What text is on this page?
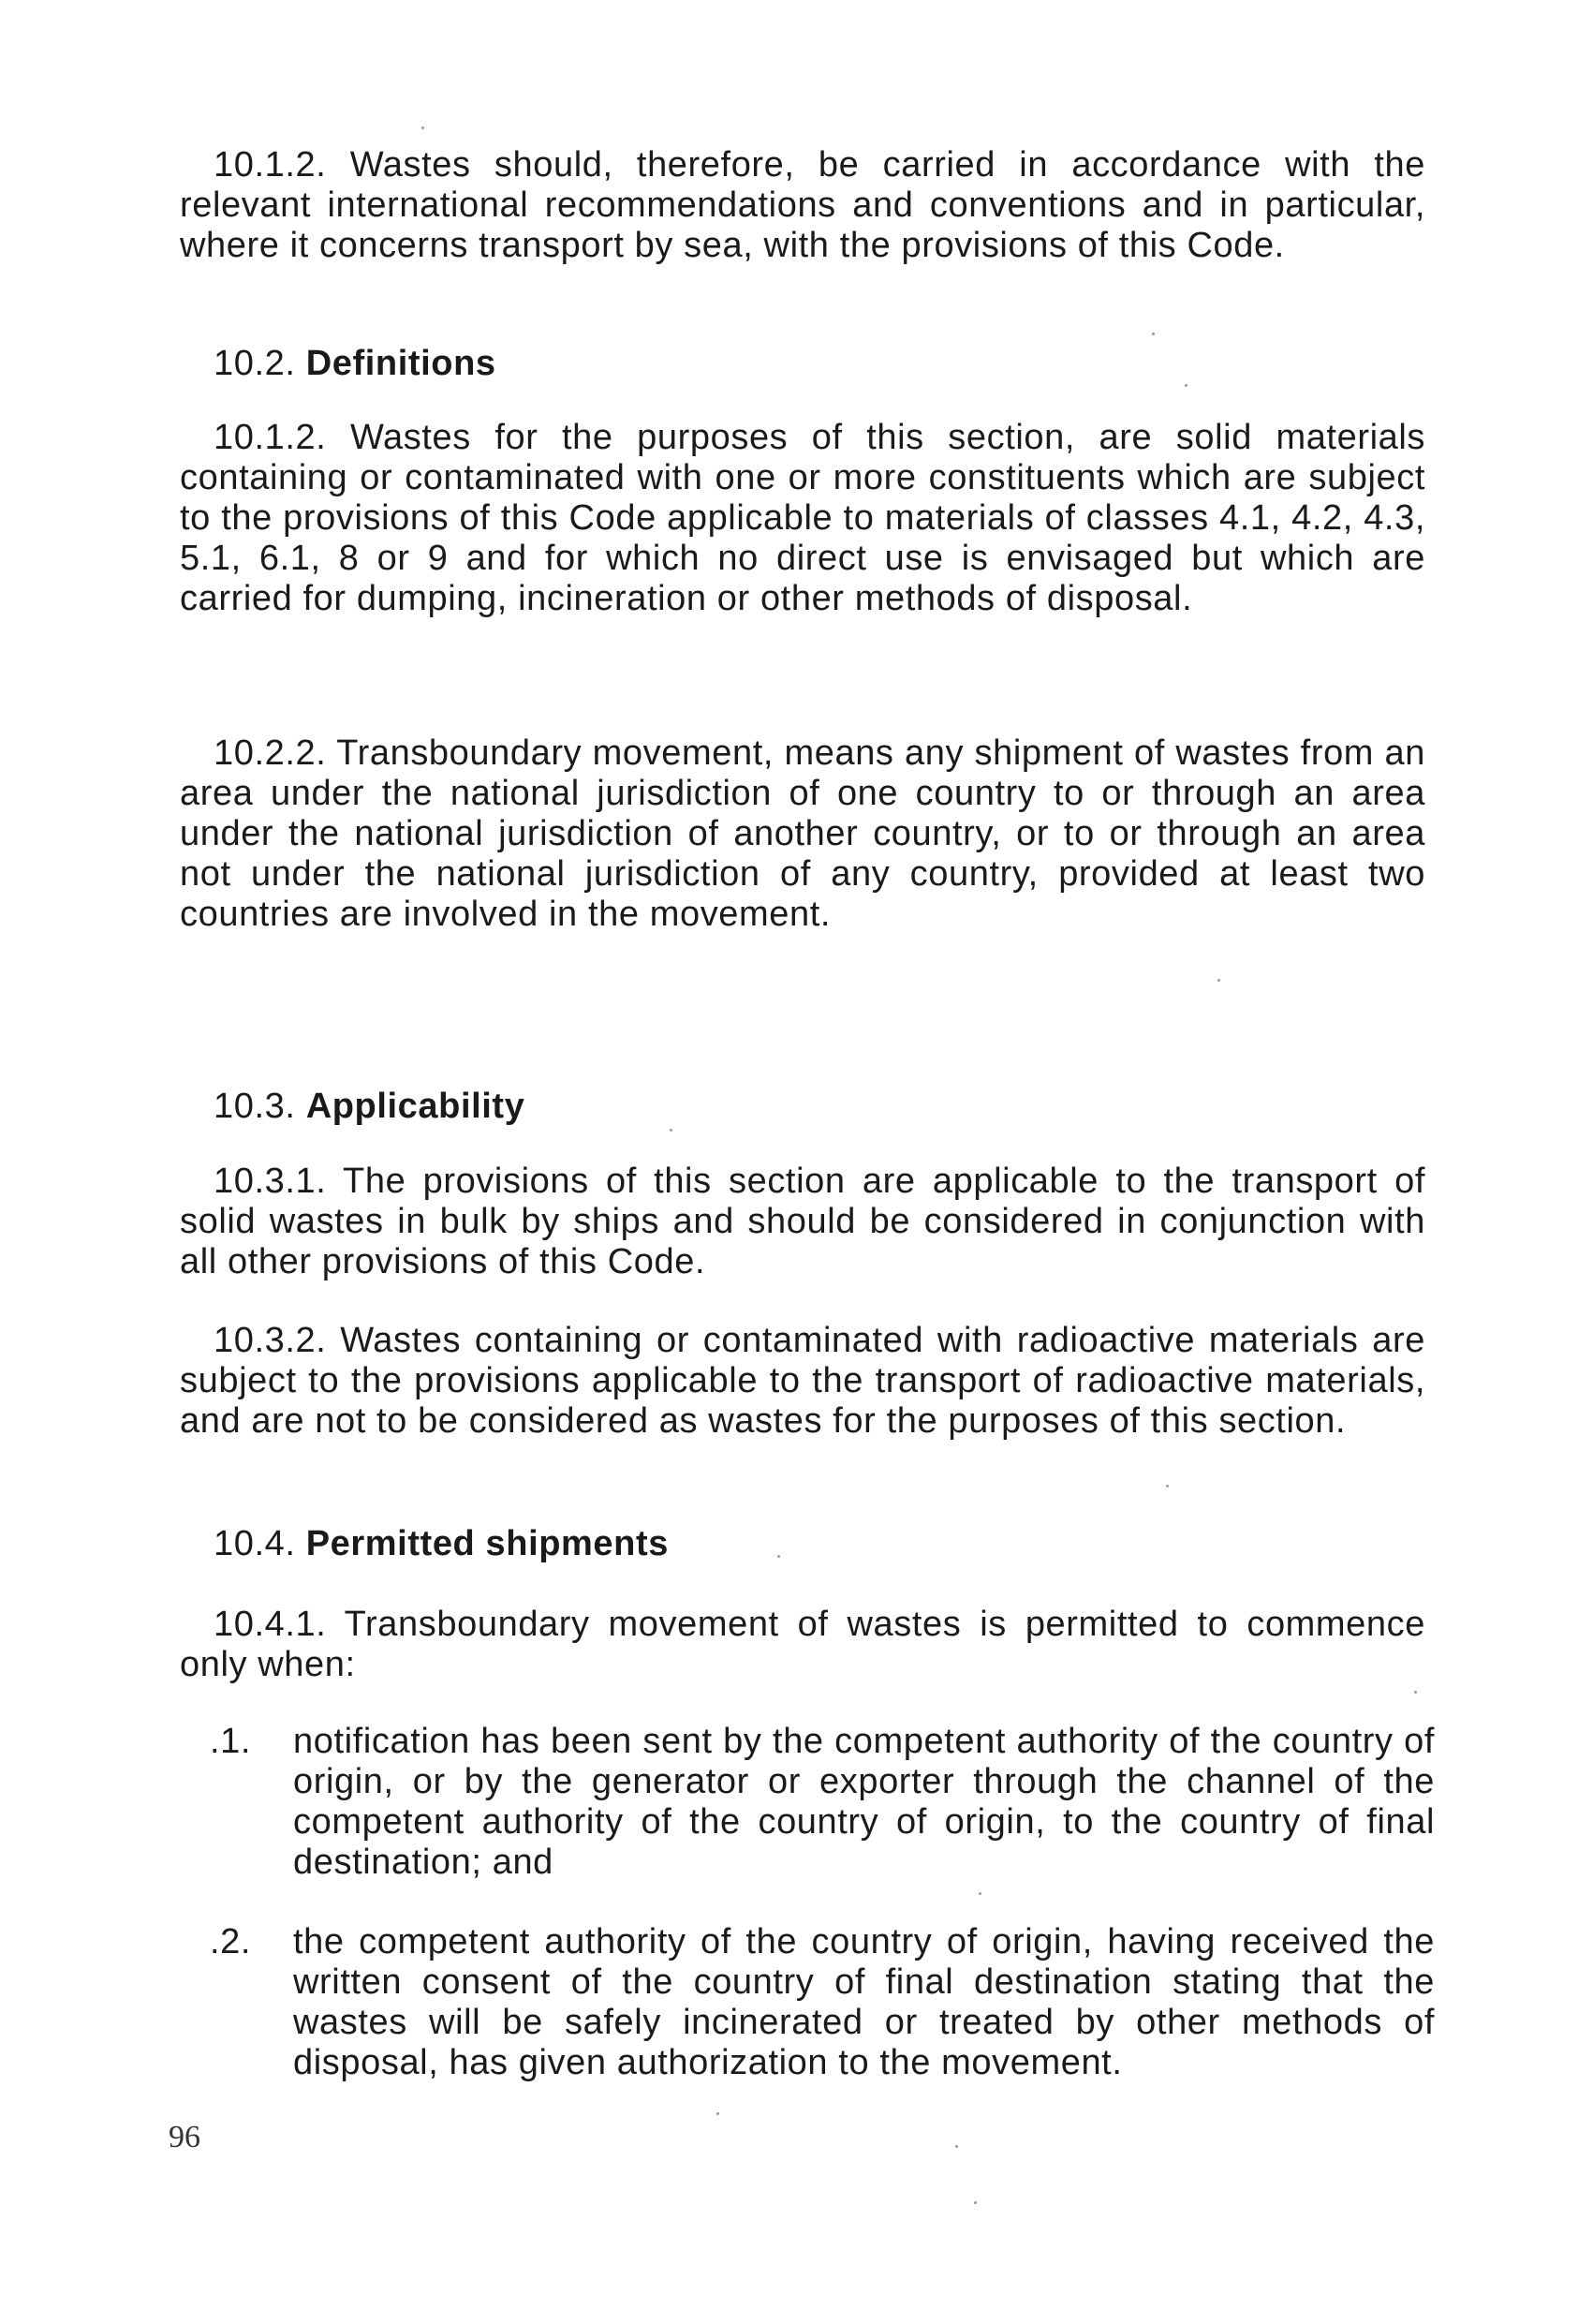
10.1.2. Wastes should, therefore, be carried in accordance with the relevant international recommendations and conventions and in particular, where it concerns transport by sea, with the provisions of this Code.
10.2. Definitions
10.1.2. Wastes for the purposes of this section, are solid materials containing or contaminated with one or more constituents which are subject to the provisions of this Code applicable to materials of classes 4.1, 4.2, 4.3, 5.1, 6.1, 8 or 9 and for which no direct use is envisaged but which are carried for dumping, incineration or other methods of disposal.
10.2.2. Transboundary movement, means any shipment of wastes from an area under the national jurisdiction of one country to or through an area under the national jurisdiction of another country, or to or through an area not under the national jurisdiction of any country, provided at least two countries are involved in the movement.
10.3. Applicability
10.3.1. The provisions of this section are applicable to the transport of solid wastes in bulk by ships and should be considered in conjunction with all other provisions of this Code.
10.3.2. Wastes containing or contaminated with radioactive materials are subject to the provisions applicable to the transport of radioactive materials, and are not to be considered as wastes for the purposes of this section.
10.4. Permitted shipments
10.4.1. Transboundary movement of wastes is permitted to commence only when:
.1.	notification has been sent by the competent authority of the country of origin, or by the generator or exporter through the channel of the competent authority of the country of origin, to the country of final destination; and
.2.	the competent authority of the country of origin, having received the written consent of the country of final destination stating that the wastes will be safely incinerated or treated by other methods of disposal, has given authorization to the movement.
96
